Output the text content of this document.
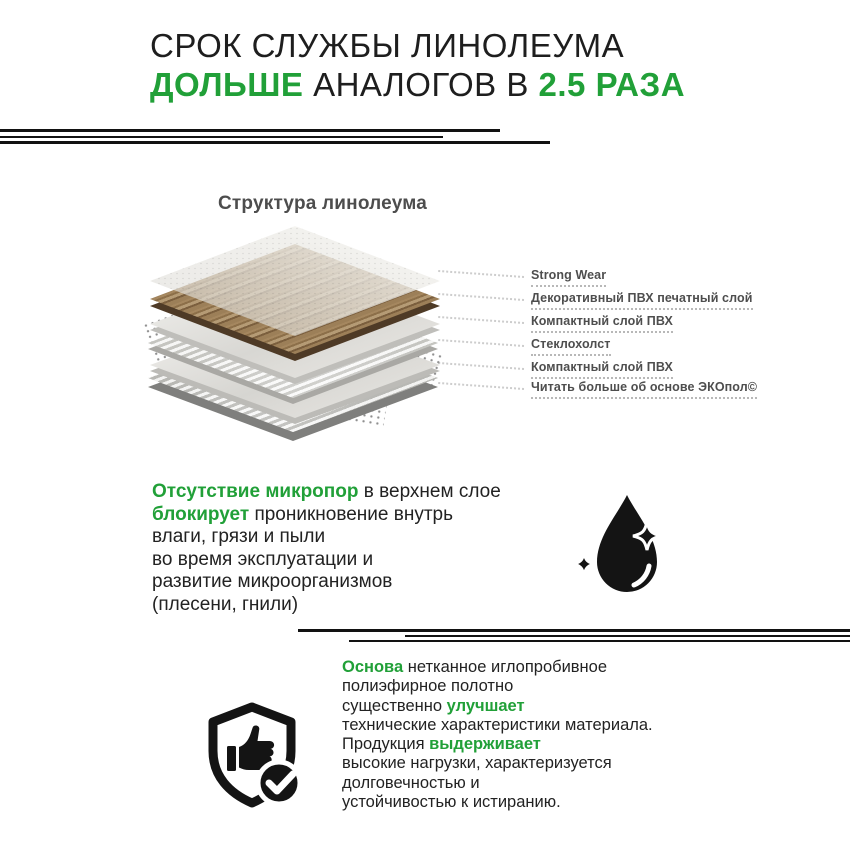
СРОК СЛУЖБЫ ЛИНОЛЕУМА
ДОЛЬШЕ АНАЛОГОВ В 2.5 РАЗА
Структура линолеума
Strong Wear
Декоративный ПВХ печатный слой
Компактный слой ПВХ
Стеклохолст
Компактный слой ПВХ
Читать больше об основе ЭКОпол©
Отсутствие микропор в верхнем слое
блокирует проникновение внутрь
влаги, грязи и пыли
во время эксплуатации и
развитие микроорганизмов
(плесени, гнили)
Основа нетканное иглопробивное
полиэфирное полотно
существенно улучшает
технические характеристики материала.
Продукция выдерживает
высокие нагрузки, характеризуется
долговечностью и
устойчивостью к истиранию.
